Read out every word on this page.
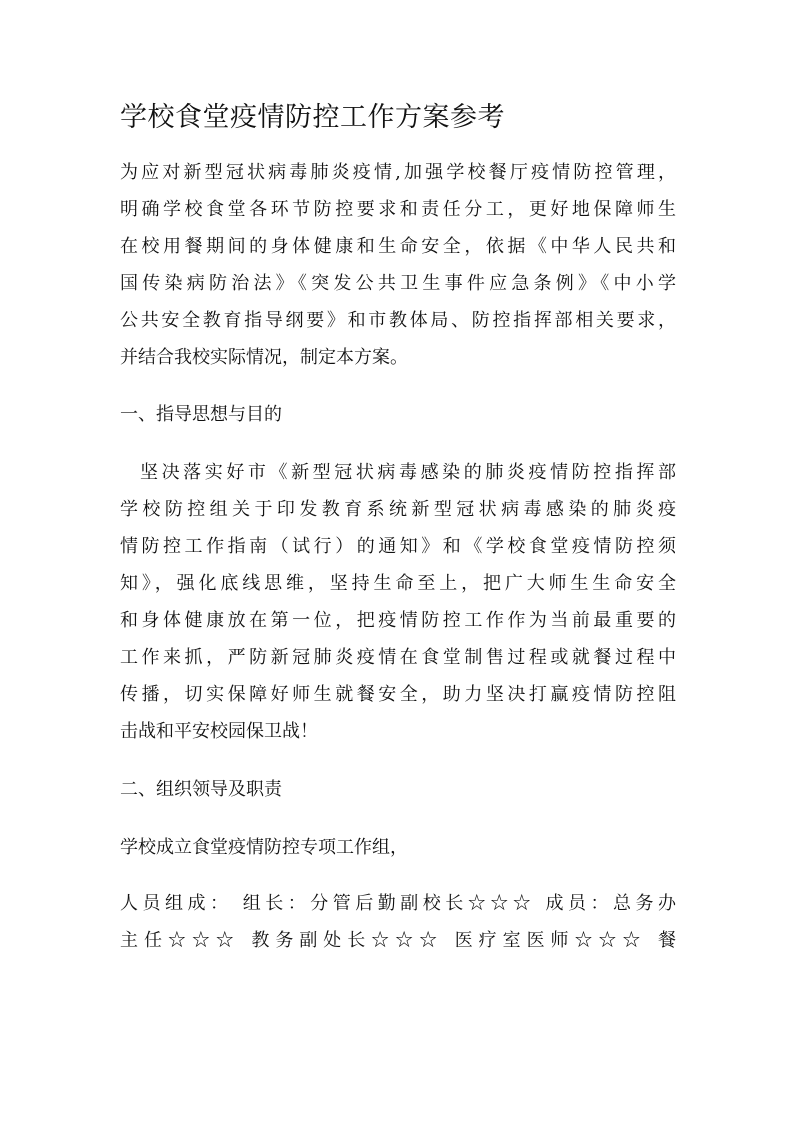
学校食堂疫情防控工作方案参考
为应对新型冠状病毒肺炎疫情,加强学校餐厅疫情防控管理，
明确学校食堂各环节防控要求和责任分工，更好地保障师生
在校用餐期间的身体健康和生命安全，依据《中华人民共和
国传染病防治法》《突发公共卫生事件应急条例》《中小学
公共安全教育指导纲要》和市教体局、防控指挥部相关要求，
并结合我校实际情况，制定本方案。
一、指导思想与目的
坚决落实好市《新型冠状病毒感染的肺炎疫情防控指挥部
学校防控组关于印发教育系统新型冠状病毒感染的肺炎疫
情防控工作指南（试行）的通知》和《学校食堂疫情防控须
知》，强化底线思维，坚持生命至上，把广大师生生命安全
和身体健康放在第一位，把疫情防控工作作为当前最重要的
工作来抓，严防新冠肺炎疫情在食堂制售过程或就餐过程中
传播，切实保障好师生就餐安全，助力坚决打赢疫情防控阻
击战和平安校园保卫战！
二、组织领导及职责
学校成立食堂疫情防控专项工作组，
人员组成： 组长：分管后勤副校长☆☆☆ 成员：总务办
主任☆☆☆ 教务副处长☆☆☆ 医疗室医师☆☆☆ 餐
